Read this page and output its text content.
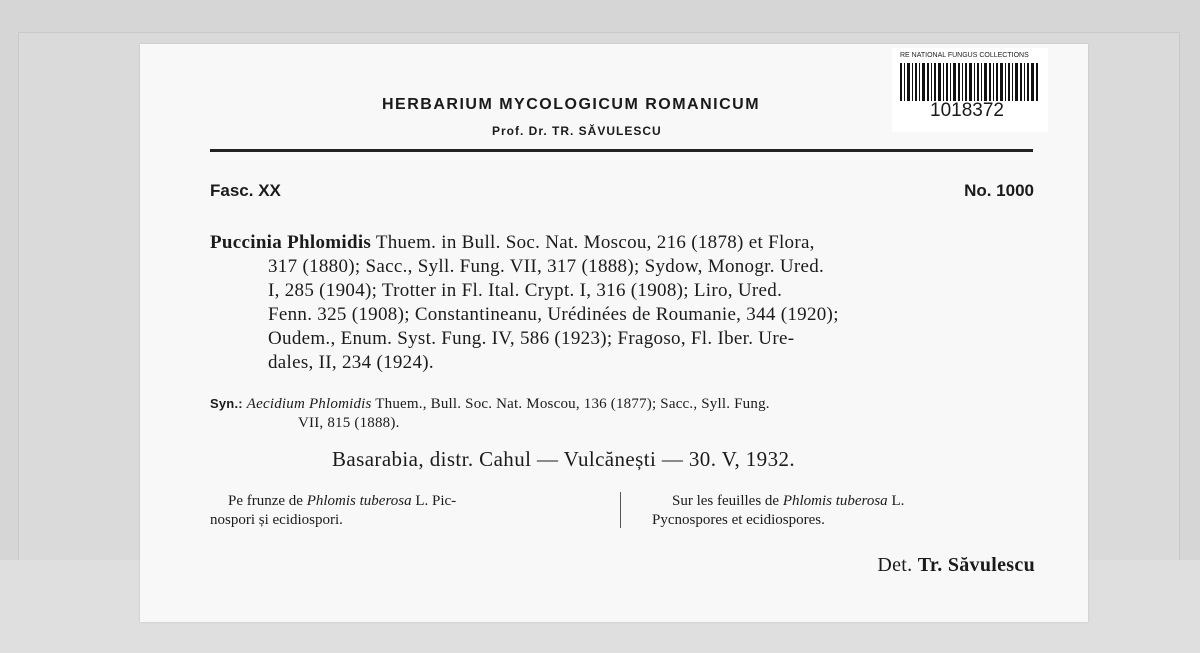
RE NATIONAL FUNGUS COLLECTIONS
1018372
HERBARIUM MYCOLOGICUM ROMANICUM
Prof. Dr. TR. SĂVULESCU
Fasc. XX	No. 1000
Puccinia Phlomidis Thuem. in Bull. Soc. Nat. Moscou, 216 (1878) et Flora,
317 (1880); Sacc., Syll. Fung. VII, 317 (1888); Sydow, Monogr. Ured.
I, 285 (1904); Trotter in Fl. Ital. Crypt. I, 316 (1908); Liro, Ured.
Fenn. 325 (1908); Constantineanu, Urédinées de Roumanie, 344 (1920);
Oudem., Enum. Syst. Fung. IV, 586 (1923); Fragoso, Fl. Iber. Ure-
dales, II, 234 (1924).
Syn.: Aecidium Phlomidis Thuem., Bull. Soc. Nat. Moscou, 136 (1877); Sacc., Syll. Fung.
VII, 815 (1888).
Basarabia, distr. Cahul — Vulcănești — 30. V, 1932.
Pe frunze de Phlomis tuberosa L. Pic-
nospori și ecidiospori.
Sur les feuilles de Phlomis tuberosa L.
Pycnospores et ecidiospores.
Det. Tr. Săvulescu
